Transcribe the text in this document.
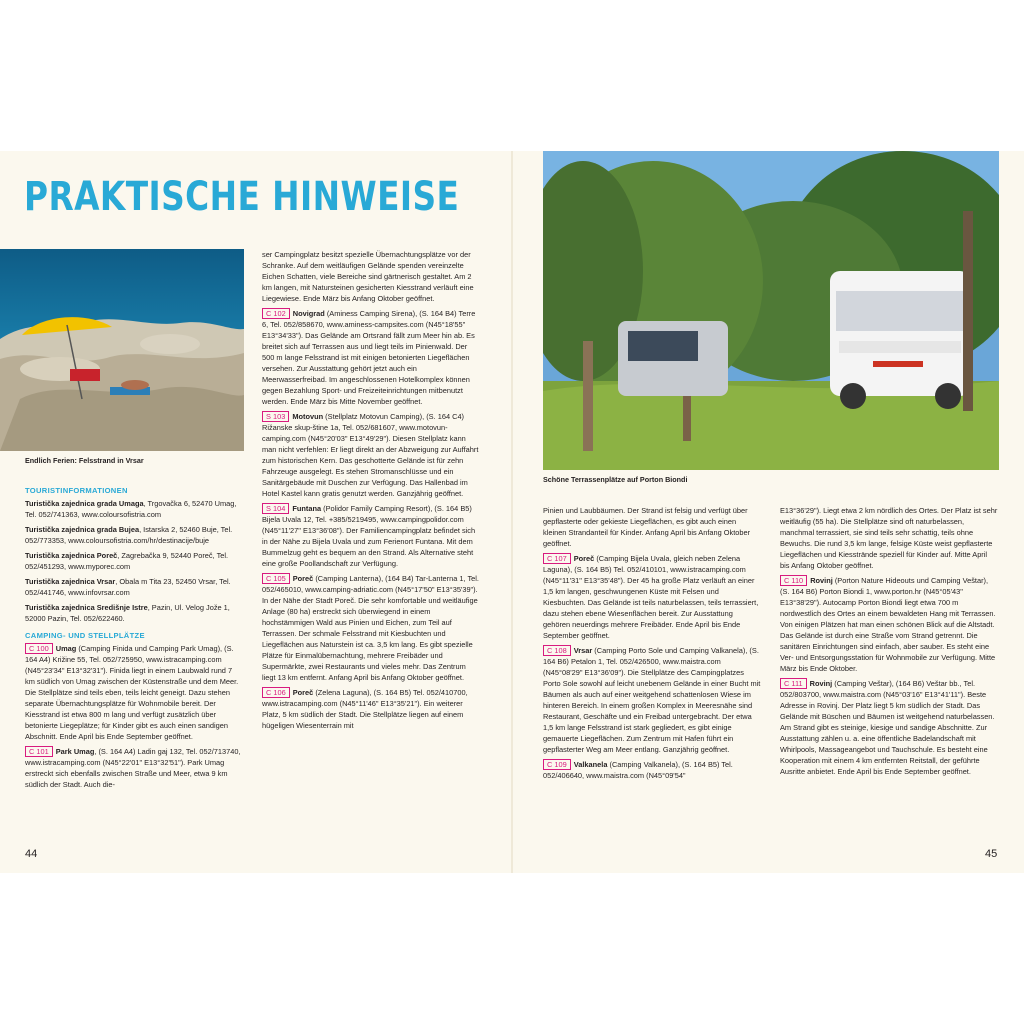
PRAKTISCHE HINWEISE
Endlich Ferien: Felsstrand in Vrsar
Schöne Terrassenplätze auf Porton Biondi
TOURISTINFORMATIONEN

Turistička zajednica grada Umaga, Trgovačka 6, 52470 Umag, Tel. 052/741363, www.coloursofistria.com

Turistička zajednica grada Bujea, Istarska 2, 52460 Buje, Tel. 052/773353, www.coloursofistria.com/hr/destinacije/buje

Turistička zajednica Poreč, Zagrebačka 9, 52440 Poreč, Tel. 052/451293, www.myporec.com

Turistička zajednica Vrsar, Obala m Tita 23, 52450 Vrsar, Tel. 052/441746, www.infovrsar.com

Turistička zajednica Središnje Istre, Pazin, Ul. Velog Jože 1, 52000 Pazin, Tel. 052/622460.

CAMPING- UND STELLPLÄTZE

C 100 Umag (Camping Finida und Camping Park Umag), (S. 164 A4) Križine 55, Tel. 052/725950, www.istracamping.com (N45°23'34" E13°32'31"). Finida liegt in einem Laubwald rund 7 km südlich von Umag zwischen der Küstenstraße und dem Meer. Die Stellplätze sind teils eben, teils leicht geneigt. Dazu stehen separate Übernachtungsplätze für Wohnmobile bereit. Der Kiesstrand ist etwa 800 m lang und verfügt zusätzlich über betonierte Liegeplätze; für Kinder gibt es auch einen sandigen Abschnitt. Ende April bis Ende September geöffnet.

C 101 Park Umag, (S. 164 A4) Ladin gaj 132, Tel. 052/713740, www.istracamping.com (N45°22'01" E13°32'51"). Park Umag erstreckt sich ebenfalls zwischen Straße und Meer, etwa 9 km südlich der Stadt. Auch die-

ser Campingplatz besitzt spezielle Übernachtungsplätze vor der Schranke. Auf dem weitläufigen Gelände spenden vereinzelte Eichen Schatten, viele Bereiche sind gärtnerisch gestaltet. Am 2 km langen, mit Natursteinen gesicherten Kiesstrand verläuft eine Liegewiese. Ende März bis Anfang Oktober geöffnet.

C 102 Novigrad (Aminess Camping Sirena), (S. 164 B4) Terre 6, Tel. 052/858670, www.aminess-campsites.com (N45°18'55" E13°34'33"). Das Gelände am Ortsrand fällt zum Meer hin ab. Es breitet sich auf Terrassen aus und liegt teils im Pinienwald. Der 500 m lange Felsstrand ist mit einigen betonierten Liegeflächen versehen. Zur Ausstattung gehört jetzt auch ein Meerwasserfreibad. Im angeschlossenen Hotelkomplex können gegen Bezahlung Sport- und Freizeiteinrichtungen mitbenutzt werden. Ende März bis Mitte November geöffnet.

S 103 Motovun (Stellplatz Motovun Camping), (S. 164 C4) Rižanske skup-štine 1a, Tel. 052/681607, www.motovun-camping.com (N45°20'03" E13°49'29"). Diesen Stellplatz kann man nicht verfehlen: Er liegt direkt an der Abzweigung zur Auffahrt zum historischen Kern. Das geschotterte Gelände ist für zehn Fahrzeuge ausgelegt. Es stehen Stromanschlüsse und ein Sanitärgebäude mit Duschen zur Verfügung. Das Hallenbad im Hotel Kastel kann gratis genutzt werden. Ganzjährig geöffnet.

S 104 Funtana (Polidor Family Camping Resort), (S. 164 B5) Bijela Uvala 12, Tel. +385/5219495, www.campingpolidor.com (N45°11'27" E13°36'08"). Der Familiencampingplatz befindet sich in der Nähe zu Bijela Uvala und zum Ferienort Funtana. Mit dem Bummelzug geht es bequem an den Strand. Als Alternative steht eine große Poollandschaft zur Verfügung.

C 105 Poreč (Camping Lanterna), (164 B4) Tar-Lanterna 1, Tel. 052/465010, www.camping-adriatic.com (N45°17'50" E13°35'39"). In der Nähe der Stadt Poreč. Die sehr komfortable und weitläufige Anlage (80 ha) erstreckt sich überwiegend in einem hochstämmigen Wald aus Pinien und Eichen, zum Teil auf Terrassen. Der schmale Felsstrand mit Kiesbuchten und Liegeflächen aus Naturstein ist ca. 3,5 km lang. Es gibt spezielle Plätze für Einmalübernachtung, mehrere Freibäder und Supermärkte, zwei Restaurants und vieles mehr. Das Zentrum liegt 13 km entfernt. Anfang April bis Anfang Oktober geöffnet.

C 106 Poreč (Zelena Laguna), (S. 164 B5) Tel. 052/410700, www.istracamping.com (N45°11'46" E13°35'21"). Ein weiterer Platz, 5 km südlich der Stadt. Die Stellplätze liegen auf einem hügeligen Wiesenterrain mit

Pinien und Laubbäumen. Der Strand ist felsig und verfügt über gepflasterte oder gekieste Liegeflächen, es gibt auch einen kleinen Strandanteil für Kinder. Anfang April bis Anfang Oktober geöffnet.

C 107 Poreč (Camping Bijela Uvala, gleich neben Zelena Laguna), (S. 164 B5) Tel. 052/410101, www.istracamping.com (N45°11'31" E13°35'48"). Der 45 ha große Platz verläuft an einer 1,5 km langen, geschwungenen Küste mit Felsen und Kiesbuchten. Das Gelände ist teils naturbelassen, teils terrassiert, dazu stehen ebene Wiesenflächen bereit. Zur Ausstattung gehören neuerdings mehrere Freibäder. Ende April bis Ende September geöffnet.

C 108 Vrsar (Camping Porto Sole und Camping Valkanela), (S. 164 B6) Petalon 1, Tel. 052/426500, www.maistra.com (N45°08'29" E13°36'09"). Die Stellplätze des Campingplatzes Porto Sole sowohl auf leicht unebenem Gelände in einer Bucht mit Bäumen als auch auf einer weitgehend schattenlosen Wiese im hinteren Bereich. In einem großen Komplex in Meeresnähe sind Restaurant, Geschäfte und ein Freibad untergebracht. Der etwa 1,5 km lange Felsstrand ist stark gegliedert, es gibt einige gemauerte Liegeflächen. Zum Zentrum mit Hafen führt ein gepflasterter Weg am Meer entlang. Ganzjährig geöffnet.

C 109 Valkanela (Camping Valkanela), (S. 164 B5) Tel. 052/406640, www.maistra.com (N45°09'54"

E13°36'29"). Liegt etwa 2 km nördlich des Ortes. Der Platz ist sehr weitläufig (55 ha). Die Stellplätze sind oft naturbelassen, manchmal terrassiert, sie sind teils sehr schattig, teils ohne Bewuchs. Die rund 3,5 km lange, felsige Küste weist gepflasterte Liegeflächen und Kiesstrände speziell für Kinder auf. Mitte April bis Anfang Oktober geöffnet.

C 110 Rovinj (Porton Nature Hideouts und Camping Veštar), (S. 164 B6) Porton Biondi 1, www.porton.hr (N45°05'43" E13°38'29"). Autocamp Porton Biondi liegt etwa 700 m nordwestlich des Ortes an einem bewaldeten Hang mit Terrassen. Von einigen Plätzen hat man einen schönen Blick auf die Altstadt. Das Gelände ist durch eine Straße vom Strand getrennt. Die sanitären Einrichtungen sind einfach, aber sauber. Es steht eine Ver- und Entsorgungsstation für Wohnmobile zur Verfügung. Mitte März bis Ende Oktober.

C 111 Rovinj (Camping Veštar), (164 B6) Veštar bb., Tel. 052/803700, www.maistra.com (N45°03'16" E13°41'11"). Beste Adresse in Rovinj. Der Platz liegt 5 km südlich der Stadt. Das Gelände mit Büschen und Bäumen ist weitgehend naturbelassen. Am Strand gibt es steinige, kiesige und sandige Abschnitte. Zur Ausstattung zählen u. a. eine öffentliche Badelandschaft mit Whirlpools, Massageangebot und Tauchschule. Es besteht eine Kooperation mit einem 4 km entfernten Reitstall, der geführte Ausritte anbietet. Ende April bis Ende September geöffnet.

44	45
